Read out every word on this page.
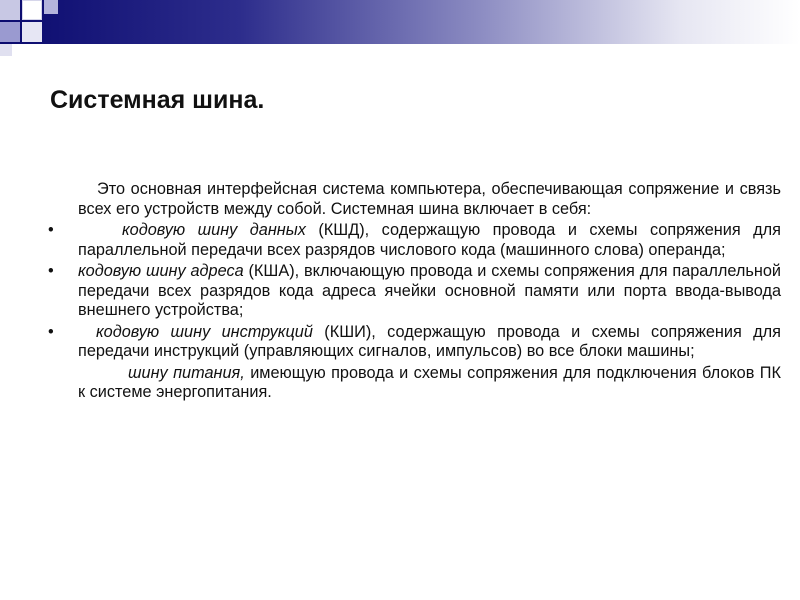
Системная шина.

Это основная интерфейсная система компьютера, обеспечивающая сопряжение и связь всех его устройств между собой. Системная шина включает в себя:

•	кодовую шину данных (КШД), содержащую провода и схемы сопряжения для параллельной передачи всех разрядов числового кода (машинного слова) операнда;

•	кодовую шину адреса (КША), включающую провода и схемы сопряжения для параллельной передачи всех разрядов кода адреса ячейки основной памяти или порта ввода-вывода внешнего устройства;

•	кодовую шину инструкций (КШИ), содержащую провода и схемы сопряжения для передачи инструкций (управляющих сигналов, импульсов) во все блоки машины;

шину питания, имеющую провода и схемы сопряжения для подключения блоков ПК к системе энергопитания.
